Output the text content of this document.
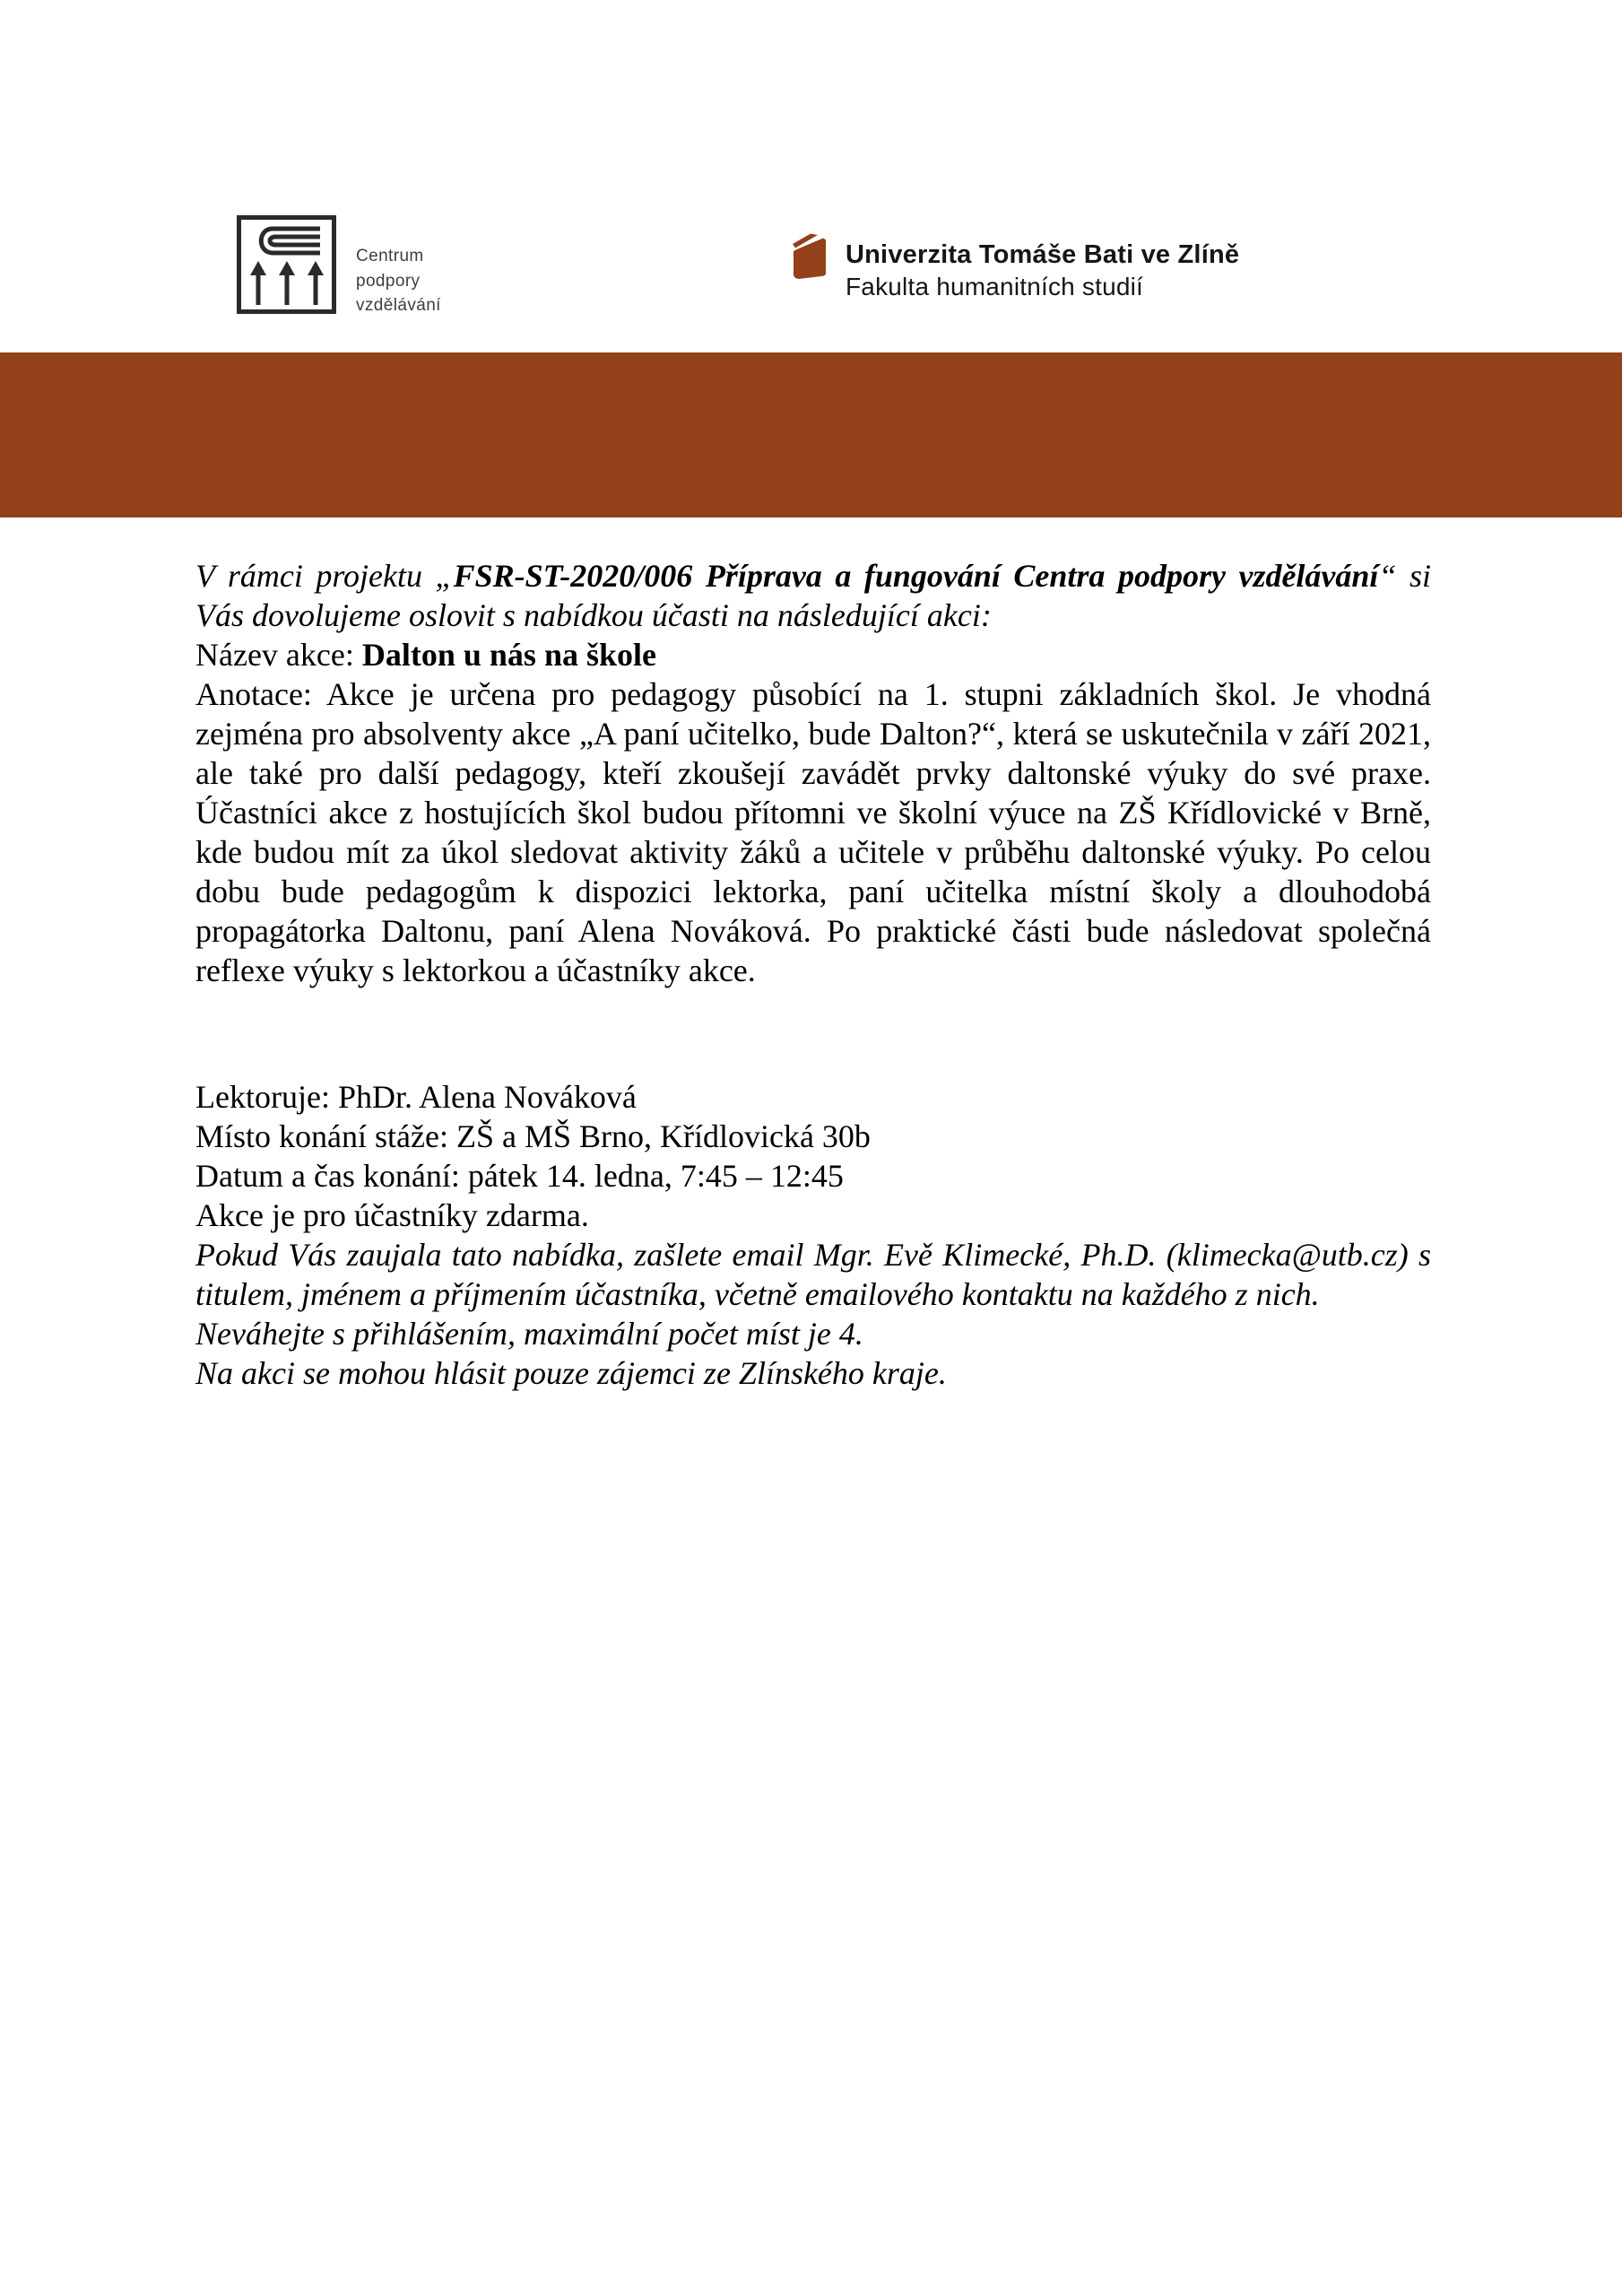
Centrum
podpory
vzdělávání
Univerzita Tomáše Bati ve Zlíně
Fakulta humanitních studií

V rámci projektu „FSR-ST-2020/006 Příprava a fungování Centra podpory vzdělávání“ si Vás dovolujeme oslovit s nabídkou účasti na následující akci:

Název akce: Dalton u nás na škole

Anotace: Akce je určena pro pedagogy působící na 1. stupni základních škol. Je vhodná zejména pro absolventy akce „A paní učitelko, bude Dalton?“, která se uskutečnila v září 2021, ale také pro další pedagogy, kteří zkoušejí zavádět prvky daltonské výuky do své praxe. Účastníci akce z hostujících škol budou přítomni ve školní výuce na ZŠ Křídlovické v Brně, kde budou mít za úkol sledovat aktivity žáků a učitele v průběhu daltonské výuky. Po celou dobu bude pedagogům k dispozici lektorka, paní učitelka místní školy a dlouhodobá propagátorka Daltonu, paní Alena Nováková. Po praktické části bude následovat společná reflexe výuky s lektorkou a účastníky akce.

Lektoruje: PhDr. Alena Nováková
Místo konání stáže: ZŠ a MŠ Brno, Křídlovická 30b
Datum a čas konání: pátek 14. ledna, 7:45 – 12:45

Akce je pro účastníky zdarma.

Pokud Vás zaujala tato nabídka, zašlete email Mgr. Evě Klimecké, Ph.D. (klimecka@utb.cz) s titulem, jménem a příjmením účastníka, včetně emailového kontaktu na každého z nich.
Neváhejte s přihlášením, maximální počet míst je 4.
Na akci se mohou hlásit pouze zájemci ze Zlínského kraje.
